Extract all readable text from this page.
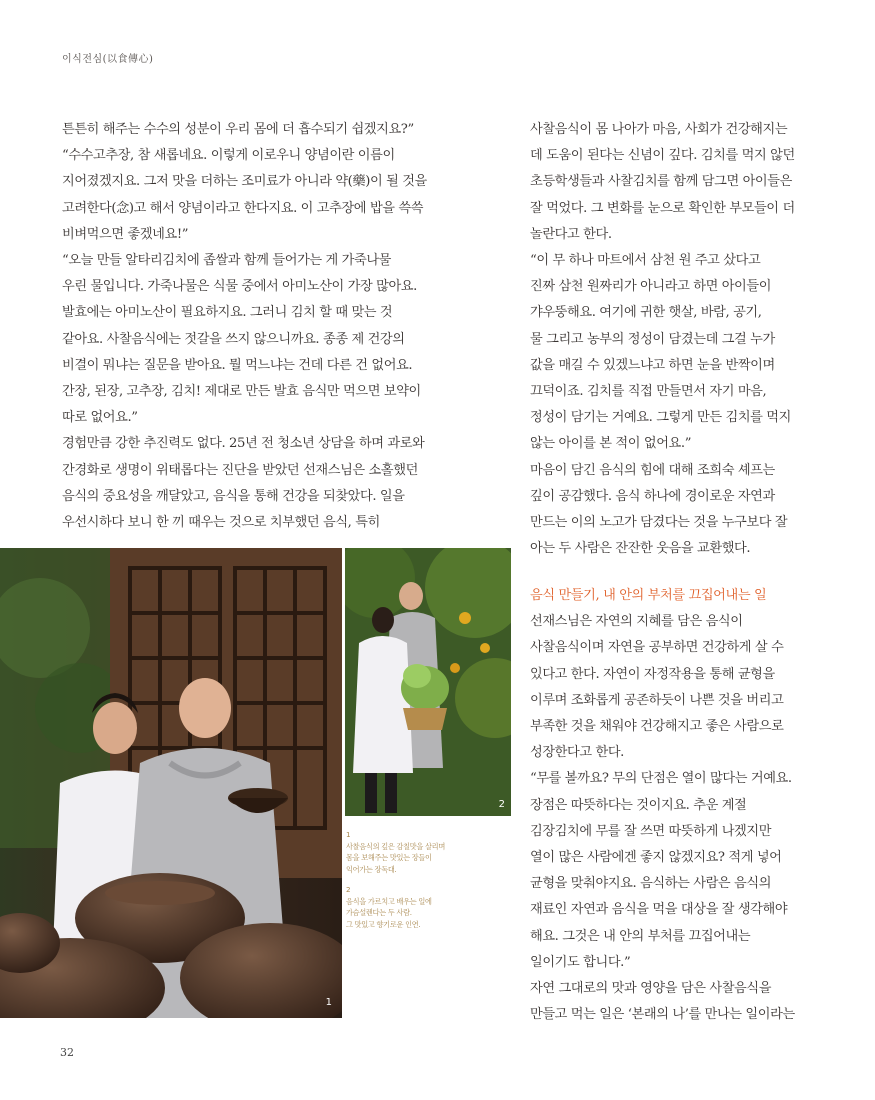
이식전심(以食傳心)

튼튼히 해주는 수수의 성분이 우리 몸에 더 흡수되기 쉽겠지요?”

“수수고추장, 참 새롭네요. 이렇게 이로우니 양념이란 이름이

지어졌겠지요. 그저 맛을 더하는 조미료가 아니라 약(藥)이 될 것을

고려한다(念)고 해서 양념이라고 한다지요. 이 고추장에 밥을 쓱쓱

비벼먹으면 좋겠네요!”

“오늘 만들 알타리김치에 좁쌀과 함께 들어가는 게 가죽나물

우린 물입니다. 가죽나물은 식물 중에서 아미노산이 가장 많아요.

발효에는 아미노산이 필요하지요. 그러니 김치 할 때 맞는 것

같아요. 사찰음식에는 젓갈을 쓰지 않으니까요. 종종 제 건강의

비결이 뭐냐는 질문을 받아요. 뭘 먹느냐는 건데 다른 건 없어요.

간장, 된장, 고추장, 김치! 제대로 만든 발효 음식만 먹으면 보약이

따로 없어요.”

경험만큼 강한 추진력도 없다. 25년 전 청소년 상담을 하며 과로와

간경화로 생명이 위태롭다는 진단을 받았던 선재스님은 소홀했던

음식의 중요성을 깨달았고, 음식을 통해 건강을 되찾았다. 일을

우선시하다 보니 한 끼 때우는 것으로 치부했던 음식, 특히

사찰음식이 몸 나아가 마음, 사회가 건강해지는

데 도움이 된다는 신념이 깊다. 김치를 먹지 않던

초등학생들과 사찰김치를 함께 담그면 아이들은

잘 먹었다. 그 변화를 눈으로 확인한 부모들이 더

놀란다고 한다.

“이 무 하나 마트에서 삼천 원 주고 샀다고

진짜 삼천 원짜리가 아니라고 하면 아이들이

갸우뚱해요. 여기에 귀한 햇살, 바람, 공기,

물 그리고 농부의 정성이 담겼는데 그걸 누가

값을 매길 수 있겠느냐고 하면 눈을 반짝이며

끄덕이죠. 김치를 직접 만들면서 자기 마음,

정성이 담기는 거예요. 그렇게 만든 김치를 먹지

않는 아이를 본 적이 없어요.”

마음이 담긴 음식의 힘에 대해 조희숙 셰프는

깊이 공감했다. 음식 하나에 경이로운 자연과

만드는 이의 노고가 담겼다는 것을 누구보다 잘

아는 두 사람은 잔잔한 웃음을 교환했다.

음식 만들기, 내 안의 부처를 끄집어내는 일

선재스님은 자연의 지혜를 담은 음식이

사찰음식이며 자연을 공부하면 건강하게 살 수

있다고 한다. 자연이 자정작용을 통해 균형을

이루며 조화롭게 공존하듯이 나쁜 것을 버리고

부족한 것을 채워야 건강해지고 좋은 사람으로

성장한다고 한다.

“무를 볼까요? 무의 단점은 열이 많다는 거예요.

장점은 따뜻하다는 것이지요. 추운 계절

김장김치에 무를 잘 쓰면 따뜻하게 나겠지만

열이 많은 사람에겐 좋지 않겠지요? 적게 넣어

균형을 맞춰야지요. 음식하는 사람은 음식의

재료인 자연과 음식을 먹을 대상을 잘 생각해야

해요. 그것은 내 안의 부처를 끄집어내는

일이기도 합니다.”

자연 그대로의 맛과 영양을 담은 사찰음식을

만들고 먹는 일은 ‘본래의 나’를 만나는 일이라는

1
2
1
사찰음식의 깊은 감칠맛을 살리며
몸을 보해주는 맛있는 장들이
익어가는 장독대.
2
음식을 가르치고 배우는 일에
가슴설렌다는 두 사람.
그 맛있고 향기로운 인연.
32
